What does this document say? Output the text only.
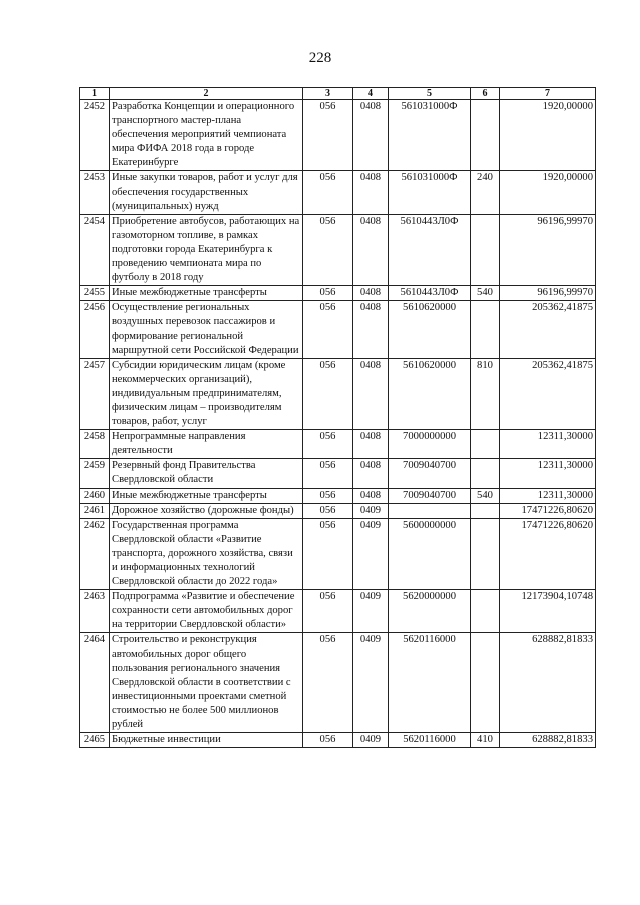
228
1	2	3	4	5	6	7
2452	Разработка Концепции и операционного транспортного мастер-плана обеспечения мероприятий чемпионата мира ФИФА 2018 года в городе Екатеринбурге	056	0408	561031000Ф		1920,00000
2453	Иные закупки товаров, работ и услуг для обеспечения государственных (муниципальных) нужд	056	0408	561031000Ф	240	1920,00000
2454	Приобретение автобусов, работающих на газомоторном топливе, в рамках подготовки города Екатеринбурга к проведению чемпионата мира по футболу в 2018 году	056	0408	5610443Л0Ф		96196,99970
2455	Иные межбюджетные трансферты	056	0408	5610443Л0Ф	540	96196,99970
2456	Осуществление региональных воздушных перевозок пассажиров и формирование региональной маршрутной сети Российской Федерации	056	0408	5610620000		205362,41875
2457	Субсидии юридическим лицам (кроме некоммерческих организаций), индивидуальным предпринимателям, физическим лицам – производителям товаров, работ, услуг	056	0408	5610620000	810	205362,41875
2458	Непрограммные направления деятельности	056	0408	7000000000		12311,30000
2459	Резервный фонд Правительства Свердловской области	056	0408	7009040700		12311,30000
2460	Иные межбюджетные трансферты	056	0408	7009040700	540	12311,30000
2461	Дорожное хозяйство (дорожные фонды)	056	0409			17471226,80620
2462	Государственная программа Свердловской области «Развитие транспорта, дорожного хозяйства, связи и информационных технологий Свердловской области до 2022 года»	056	0409	5600000000		17471226,80620
2463	Подпрограмма «Развитие и обеспечение сохранности сети автомобильных дорог на территории Свердловской области»	056	0409	5620000000		12173904,10748
2464	Строительство и реконструкция автомобильных дорог общего пользования регионального значения Свердловской области в соответствии с инвестиционными проектами сметной стоимостью не более 500 миллионов рублей	056	0409	5620116000		628882,81833
2465	Бюджетные инвестиции	056	0409	5620116000	410	628882,81833
